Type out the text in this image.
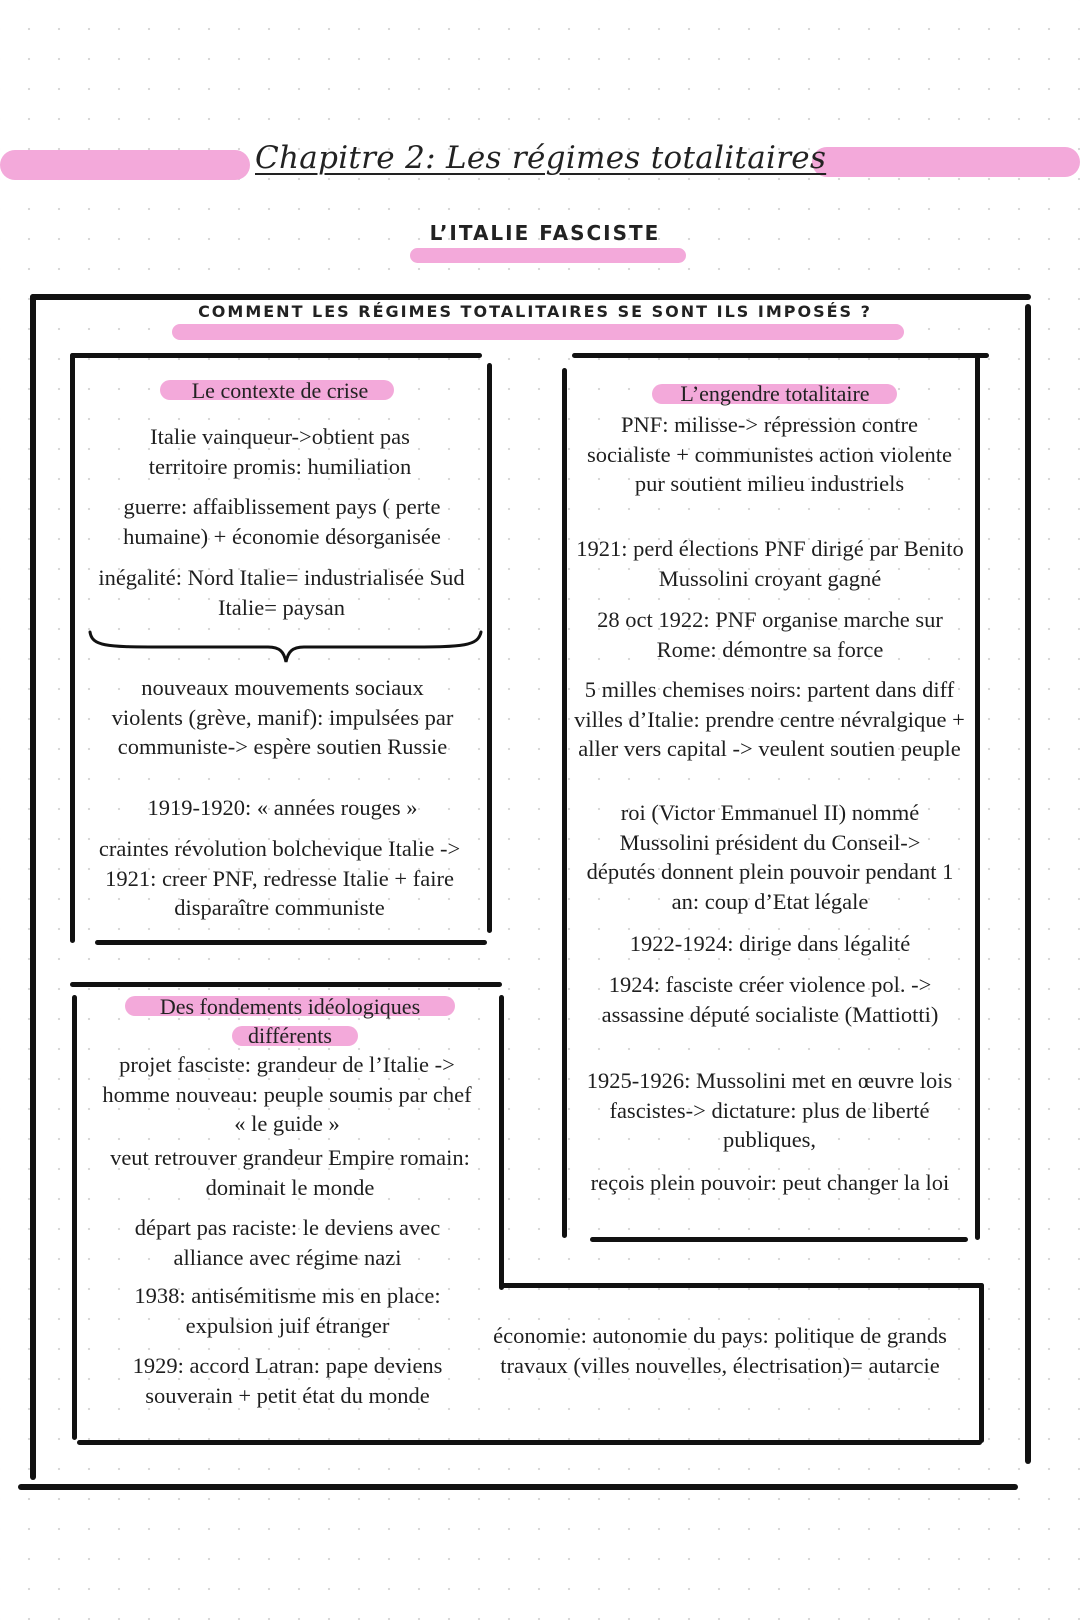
Chapitre 2: Les régimes totalitaires
L’ITALIE FASCISTE
COMMENT LES RÉGIMES TOTALITAIRES SE SONT ILS IMPOSÉS ?
Le contexte de crise
Italie vainqueur->obtient pas territoire promis: humiliation
guerre: affaiblissement pays ( perte humaine) + économie désorganisée
inégalité: Nord Italie= industrialisée Sud Italie= paysan
nouveaux mouvements sociaux violents (grève, manif): impulsées par communiste-> espère soutien Russie
1919-1920: « années rouges »
craintes révolution bolchevique Italie -> 1921: creer PNF, redresse Italie + faire disparaître communiste
L’engendre totalitaire
PNF: milisse-> répression contre socialiste + communistes action violente pur soutient milieu industriels
1921: perd élections PNF dirigé par Benito Mussolini croyant gagné
28 oct 1922: PNF organise marche sur Rome: démontre sa force
5 milles chemises noirs: partent dans diff villes d’Italie: prendre centre névralgique + aller vers capital -> veulent soutien peuple
roi (Victor Emmanuel II) nommé Mussolini président du Conseil-> députés donnent plein pouvoir pendant 1 an: coup d’Etat légale
1922-1924: dirige dans légalité
1924: fasciste créer violence pol. -> assassine député socialiste (Mattiotti)
1925-1926: Mussolini met en œuvre lois fascistes-> dictature: plus de liberté publiques,
reçois plein pouvoir: peut changer la loi
Des fondements idéologiques
différents
projet fasciste: grandeur de l’Italie -> homme nouveau: peuple soumis par chef « le guide »
veut retrouver grandeur Empire romain: dominait le monde
départ pas raciste: le deviens avec alliance avec régime nazi
1938: antisémitisme mis en place: expulsion juif étranger
1929: accord Latran: pape deviens souverain + petit état du monde
économie: autonomie du pays: politique de grands travaux (villes nouvelles, électrisation)= autarcie
